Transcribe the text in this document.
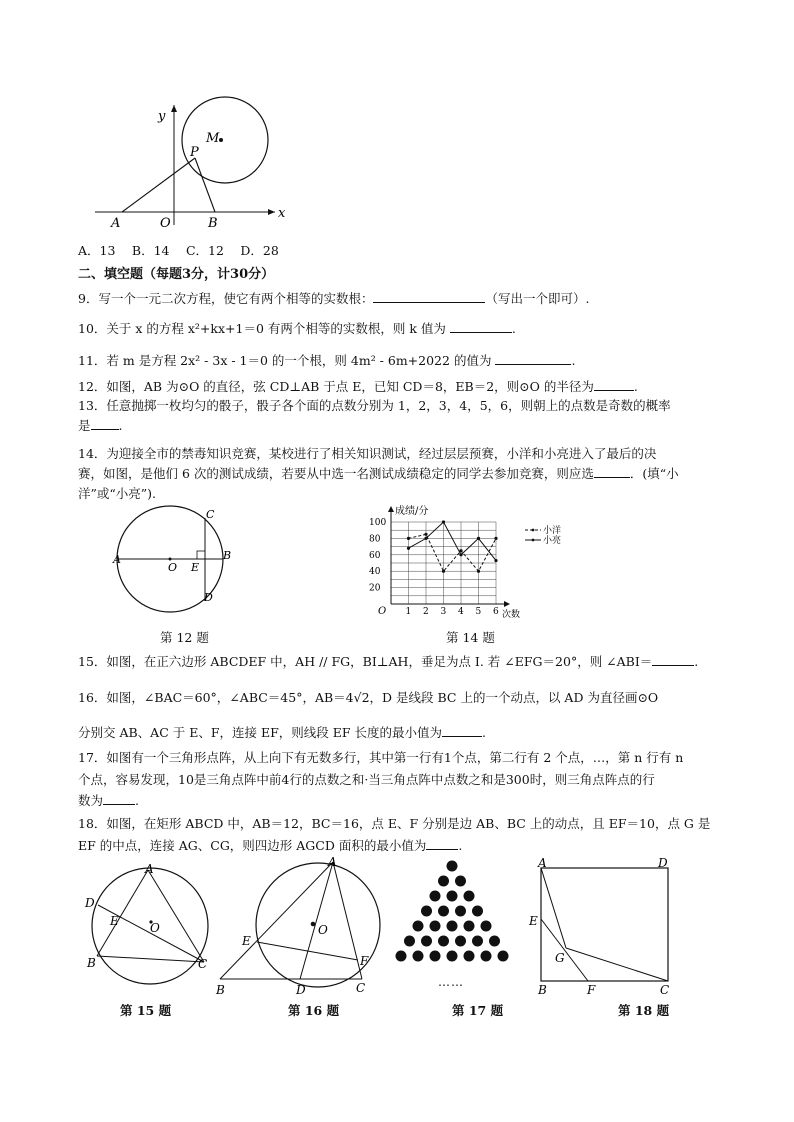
y
x
M
P
A	O	B
A．13　 B．14　 C．12　 D．28
二、填空题（每题3分，计30分）
9．写一个一元二次方程，使它有两个相等的实数根：	（写出一个即可）.
10．关于 x 的方程 x²+kx+1＝0 有两个相等的实数根，则 k 值为	.
11．若 m 是方程 2x² - 3x - 1＝0 的一个根，则 4m² - 6m+2022 的值为	.
12．如图，AB 为⊙O 的直径，弦 CD⊥AB 于点 E，已知 CD＝8，EB＝2，则⊙O 的半径为	.
13．任意抛掷一枚均匀的骰子，骰子各个面的点数分别为 1，2，3，4，5，6，则朝上的点数是奇数的概率
是 .
14．为迎接全市的禁毒知识竞赛，某校进行了相关知识测试，经过层层预赛，小洋和小亮进入了最后的决
赛，如图，是他们 6 次的测试成绩，若要从中选一名测试成绩稳定的同学去参加竞赛，则应选	．(填“小
洋”或“小亮”).
A
O E
B
C
D
第 12 题
成绩/分
O	次数
1 2 3 4 5 6
20
40
60
80
100
小洋
小亮
第 14 题
15．如图，在正六边形 ABCDEF 中，AH // FG，BI⊥AH，垂足为点 I. 若 ∠EFG＝20°，则 ∠ABI＝	.
16．如图，∠BAC＝60°，∠ABC＝45°，AB＝4√2，D 是线段 BC 上的一个动点，以 AD 为直径画⊙O
分别交 AB、AC 于 E、F，连接 EF，则线段 EF 长度的最小值为	.
17．如图有一个三角形点阵，从上向下有无数多行，其中第一行有1个点，第二行有 2 个点，…，第 n 行有 n
个点，容易发现，10是三角点阵中前4行的点数之和·当三角点阵中点数之和是300时，则三角点阵点的行
数为	.
18．如图，在矩形 ABCD 中，AB＝12，BC＝16，点 E、F 分别是边 AB、BC 上的动点，且 EF＝10，点 G 是
EF 的中点，连接 AG、CG，则四边形 AGCD 面积的最小值为	.
A
D
E	O
B	C
第 15 题
A
E
O
F
B	D	C
第 16 题
……
第 17 题
A	D
E
G
B	F	C
第 18 题
